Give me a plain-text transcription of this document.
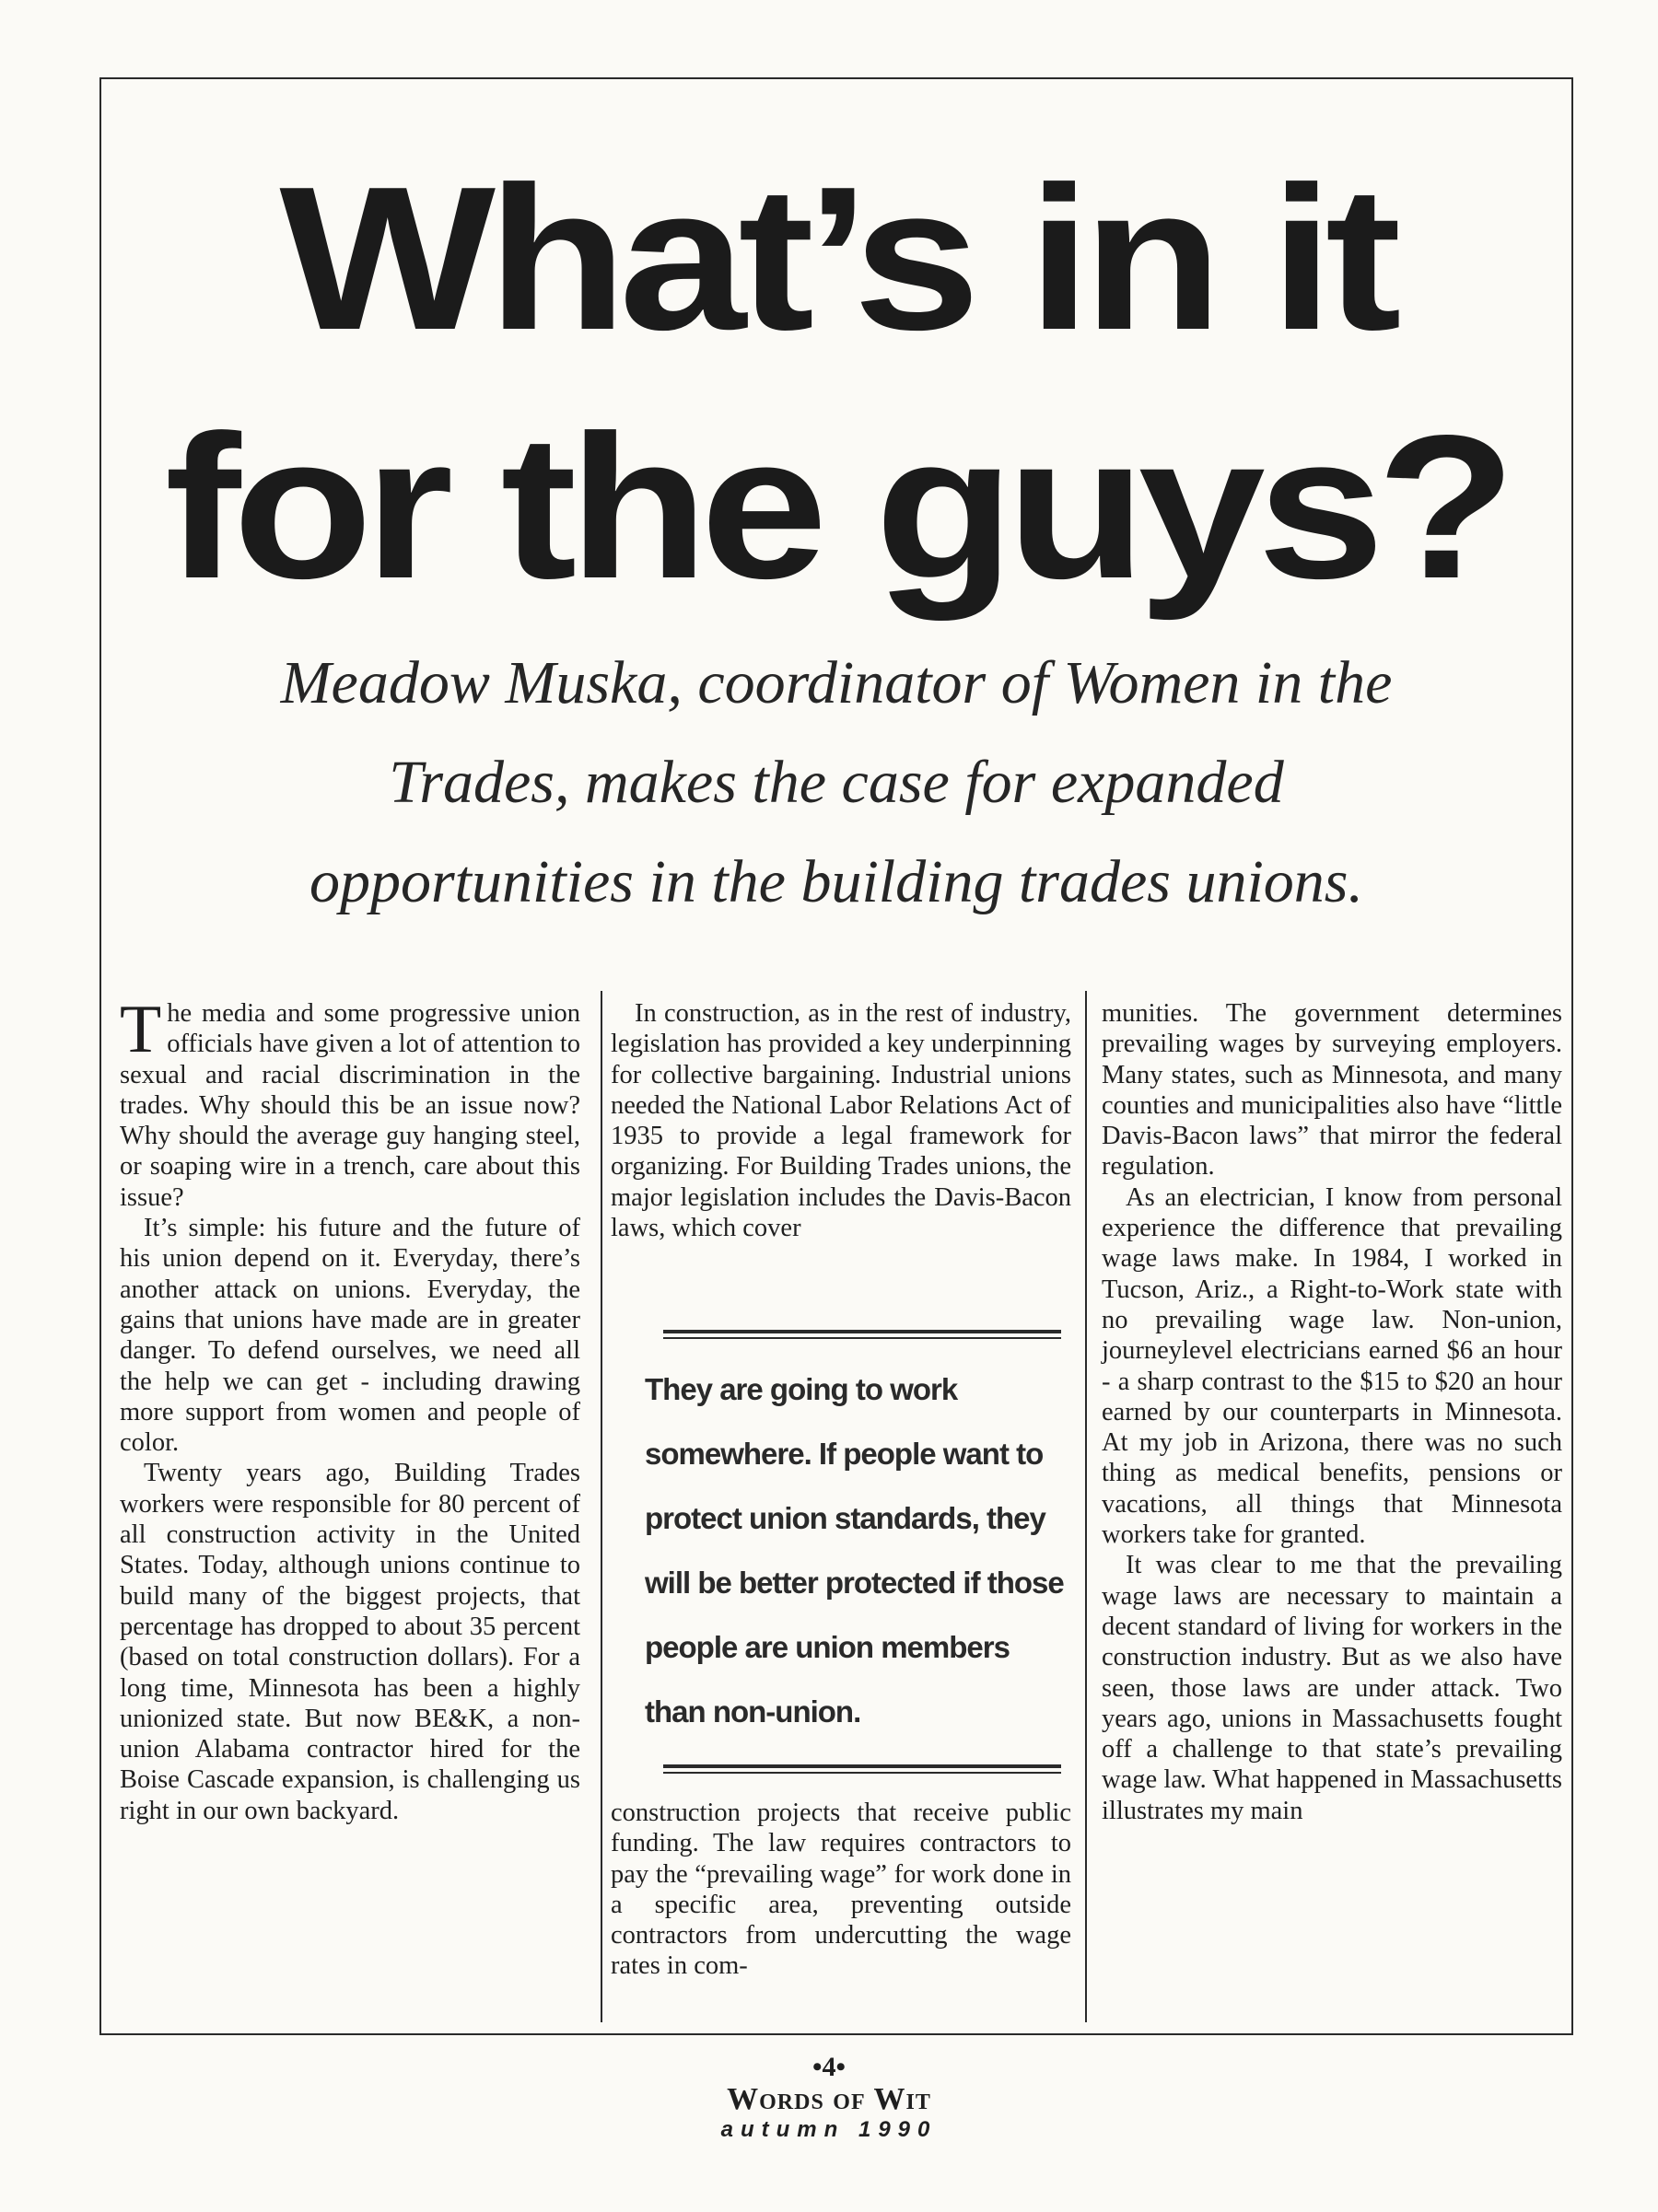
What’s in it
for the guys?

Meadow Muska, coordinator of Women in the Trades, makes the case for expanded opportunities in the building trades unions.

The media and some progressive union officials have given a lot of attention to sexual and racial discrimination in the trades. Why should this be an issue now? Why should the average guy hanging steel, or soaping wire in a trench, care about this issue?

It’s simple: his future and the future of his union depend on it. Everyday, there’s another attack on unions. Everyday, the gains that unions have made are in greater danger. To defend ourselves, we need all the help we can get - including drawing more support from women and people of color.

Twenty years ago, Building Trades workers were responsible for 80 percent of all construction activity in the United States. Today, although unions continue to build many of the biggest projects, that percentage has dropped to about 35 percent (based on total construction dollars). For a long time, Minnesota has been a highly unionized state. But now BE&K, a non-union Alabama contractor hired for the Boise Cascade expansion, is challenging us right in our own backyard.

In construction, as in the rest of industry, legislation has provided a key underpinning for collective bargaining. Industrial unions needed the National Labor Relations Act of 1935 to provide a legal framework for organizing. For Building Trades unions, the major legislation includes the Davis-Bacon laws, which cover

They are going to work somewhere. If people want to protect union standards, they will be better protected if those people are union members than non-union.

construction projects that receive public funding. The law requires contractors to pay the “prevailing wage” for work done in a specific area, preventing outside contractors from undercutting the wage rates in com-

munities. The government determines prevailing wages by surveying employers. Many states, such as Minnesota, and many counties and municipalities also have “little Davis-Bacon laws” that mirror the federal regulation.

As an electrician, I know from personal experience the difference that prevailing wage laws make. In 1984, I worked in Tucson, Ariz., a Right-to-Work state with no prevailing wage law. Non-union, journeylevel electricians earned $6 an hour - a sharp contrast to the $15 to $20 an hour earned by our counterparts in Minnesota. At my job in Arizona, there was no such thing as medical benefits, pensions or vacations, all things that Minnesota workers take for granted.

It was clear to me that the prevailing wage laws are necessary to maintain a decent standard of living for workers in the construction industry. But as we also have seen, those laws are under attack. Two years ago, unions in Massachusetts fought off a challenge to that state’s prevailing wage law. What happened in Massachusetts illustrates my main

•4•

Words of Wit

autumn 1990
